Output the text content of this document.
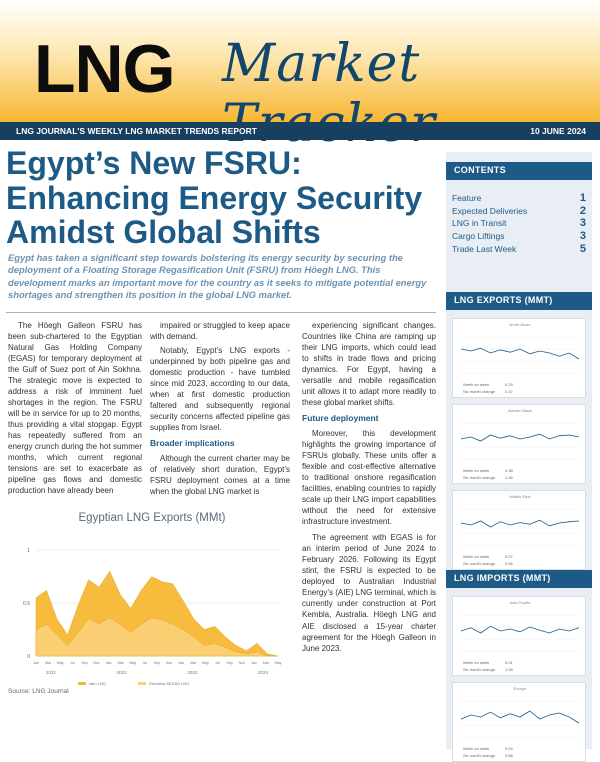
LNG Market
LNG JOURNAL'S WEEKLY LNG MARKET TRENDS REPORT	10 JUNE 2024
Egypt’s New FSRU: Enhancing Energy Security Amidst Global Shifts
Egypt has taken a significant step towards bolstering its energy security by securing the deployment of a Floating Storage Regasification Unit (FSRU) from Höegh LNG. This development marks an important move for the country as it seeks to mitigate potential energy shortages and strengthen its position in the global LNG market.

The Höegh Galleon FSRU has been sub-chartered to the Egyptian Natural Gas Holding Company (EGAS) for temporary deployment at the Gulf of Suez port of Ain Sokhna. The strategic move is expected to address a risk of imminent fuel shortages in the region. The FSRU will be in service for up to 20 months, thus providing a vital stopgap. Egypt has repeatedly suffered from an energy crunch during the hot summer months, which current regional tensions are set to exacerbate as pipeline gas flows and domestic production have already been

impaired or struggled to keep apace with demand.

Notably, Egypt’s LNG exports - underpinned by both pipeline gas and domestic production - have tumbled since mid 2023, according to our data, when at first domestic production faltered and subsequently regional security concerns affected pipeline gas supplies from Israel.

Broader implications

Although the current charter may be of relatively short duration, Egypt’s FSRU deployment comes at a time when the global LNG market is

experiencing significant changes. Countries like China are ramping up their LNG imports, which could lead to shifts in trade flows and pricing dynamics. For Egypt, having a versatile and mobile regasification unit allows it to adapt more readily to these global market shifts.

Future deployment

Moreover, this development highlights the growing importance of FSRUs globally. These units offer a flexible and cost-effective alternative to traditional onshore regasification facilities, enabling countries to rapidly scale up their LNG import capabilities without the need for extensive infrastructure investment.

The agreement with EGAS is for an interim period of June 2024 to February 2026. Following its Egypt stint, the FSRU is expected to be deployed to Australian Industrial Energy’s (AIE) LNG terminal, which is currently under construction at Port Kembla, Australia. Höegh LNG and AIE disclosed a 15-year charter agreement for the Höegh Galleon in June 2023.

Egyptian LNG Exports (MMt)
1
0.5
0
Jan Mar May Jul Sep Nov Jan Mar May Jul Sep Nov Jan Mar May Jul Sep Nov Jan Mar May
2021	2022	2023	2024
Idku LNG	Damietta SEGAS LNG
Source: LNG Journal
CONTENTS
Feature	1
Expected Deliveries	2
LNG in Transit	3
Cargo Liftings	3
Trade Last Week	5
LNG EXPORTS (MMT)
LNG IMPORTS (MMT)
North Basin
Week on week	0.29
Six month change 0.47
Atlantic Basin
Week on week	0.38
Six month change 1.36
Middle East
Week on week	0.27
Six month change 0.56
Asia Pacific
Week on week	0.31
Six month change 1.05
Europe
Week on week	0.24
Six month change 0.88
